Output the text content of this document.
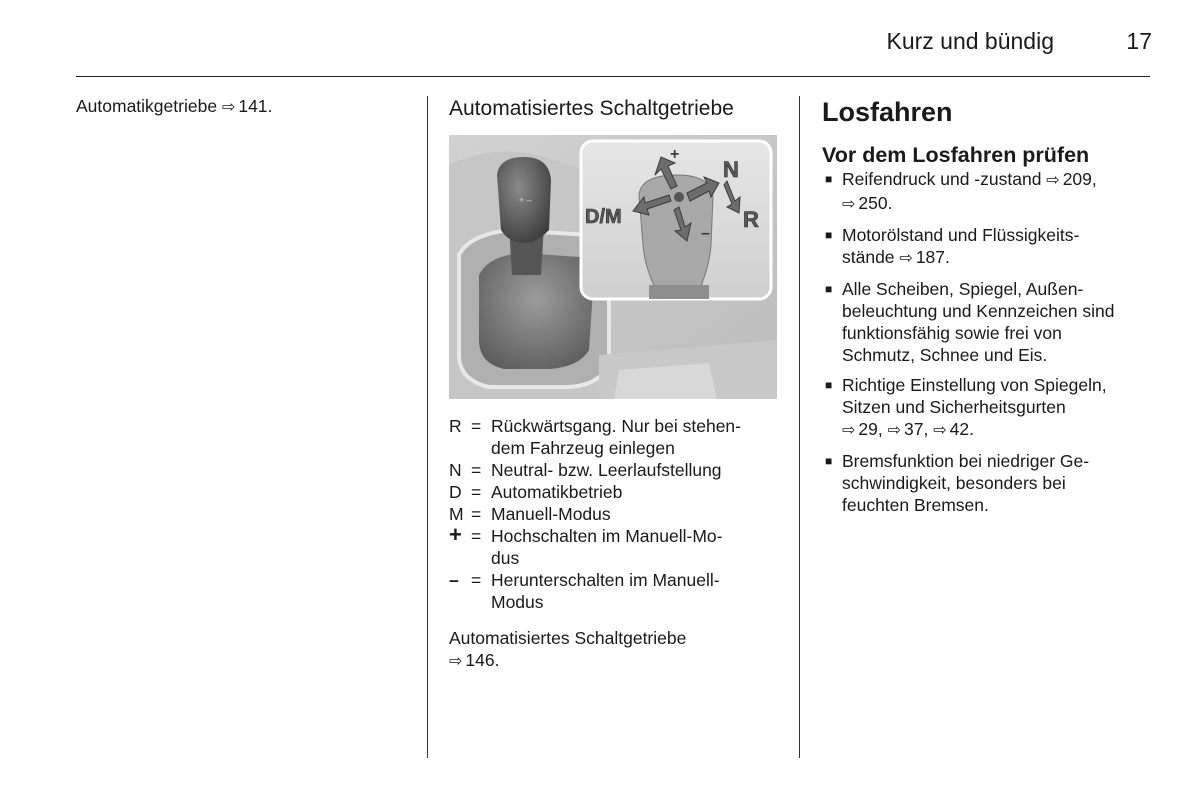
Kurz und bündig	17
Automatikgetriebe ⇨ 141.	Automatisiertes Schaltgetriebe
+ –
+
–
D/M
N
R
R = Rückwärtsgang. Nur bei stehen-
dem Fahrzeug einlegen
N = Neutral- bzw. Leerlaufstellung
D = Automatikbetrieb
M = Manuell-Modus
+ = Hochschalten im Manuell-Mo-
dus
– = Herunterschalten im Manuell-
Modus
Automatisiertes Schaltgetriebe
⇨ 146.
Losfahren
Vor dem Losfahren prüfen
■ Reifendruck und -zustand ⇨ 209,
⇨ 250.
■ Motorölstand und Flüssigkeits-
stände ⇨ 187.
■ Alle Scheiben, Spiegel, Außen-
beleuchtung und Kennzeichen sind
funktionsfähig sowie frei von
Schmutz, Schnee und Eis.
■ Richtige Einstellung von Spiegeln,
Sitzen und Sicherheitsgurten
⇨ 29, ⇨ 37, ⇨ 42.
■ Bremsfunktion bei niedriger Ge-
schwindigkeit, besonders bei
feuchten Bremsen.
